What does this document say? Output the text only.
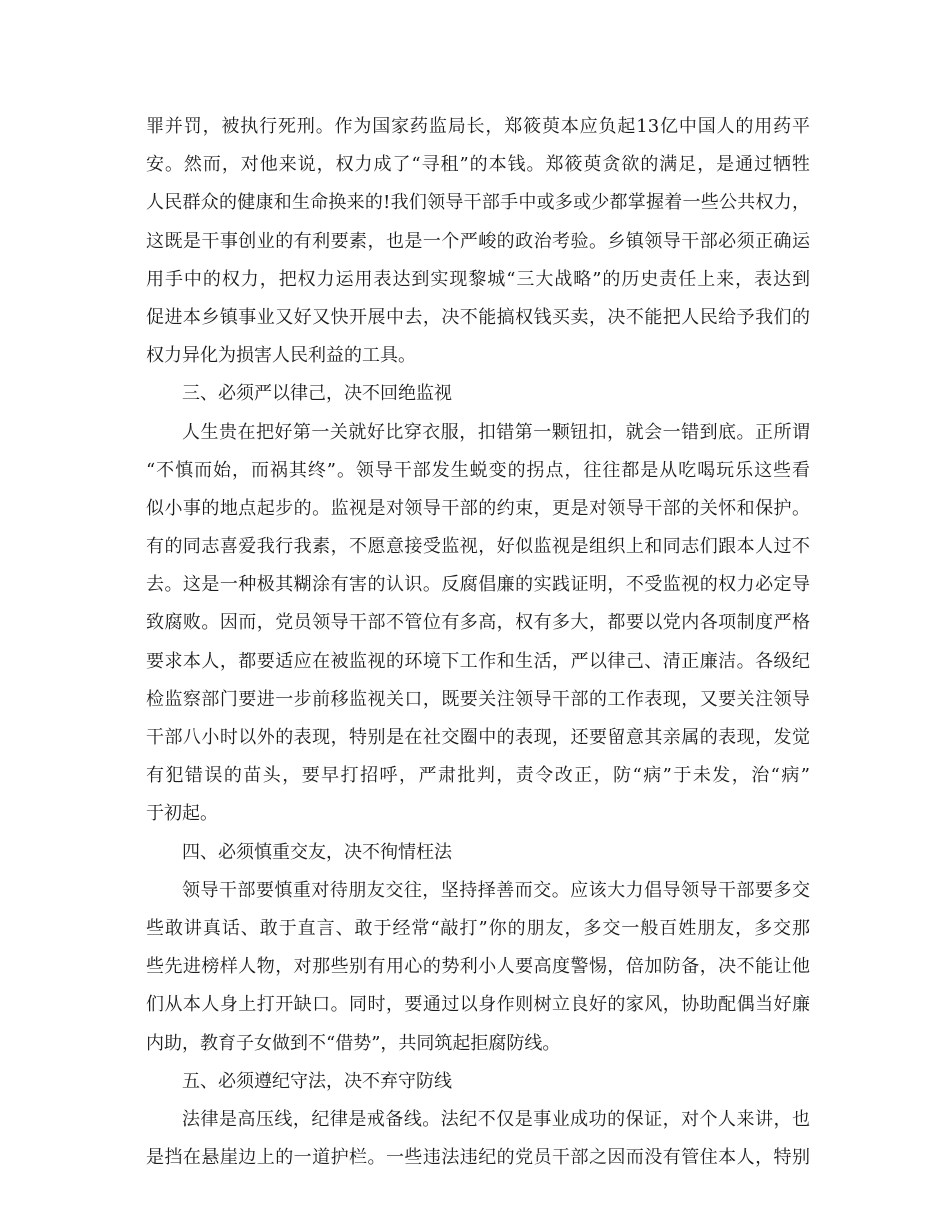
罪并罚，被执行死刑。作为国家药监局长，郑筱萸本应负起13亿中国人的用药平
安。然而，对他来说，权力成了“寻租”的本钱。郑筱萸贪欲的满足，是通过牺牲
人民群众的健康和生命换来的!我们领导干部手中或多或少都掌握着一些公共权力，
这既是干事创业的有利要素，也是一个严峻的政治考验。乡镇领导干部必须正确运
用手中的权力，把权力运用表达到实现黎城“三大战略”的历史责任上来，表达到
促进本乡镇事业又好又快开展中去，决不能搞权钱买卖，决不能把人民给予我们的
权力异化为损害人民利益的工具。
三、必须严以律己，决不回绝监视
人生贵在把好第一关就好比穿衣服，扣错第一颗钮扣，就会一错到底。正所谓
“不慎而始，而祸其终”。领导干部发生蜕变的拐点，往往都是从吃喝玩乐这些看
似小事的地点起步的。监视是对领导干部的约束，更是对领导干部的关怀和保护。
有的同志喜爱我行我素，不愿意接受监视，好似监视是组织上和同志们跟本人过不
去。这是一种极其糊涂有害的认识。反腐倡廉的实践证明，不受监视的权力必定导
致腐败。因而，党员领导干部不管位有多高，权有多大，都要以党内各项制度严格
要求本人，都要适应在被监视的环境下工作和生活，严以律己、清正廉洁。各级纪
检监察部门要进一步前移监视关口，既要关注领导干部的工作表现，又要关注领导
干部八小时以外的表现，特别是在社交圈中的表现，还要留意其亲属的表现，发觉
有犯错误的苗头，要早打招呼，严肃批判，责令改正，防“病”于未发，治“病”
于初起。
四、必须慎重交友，决不徇情枉法
领导干部要慎重对待朋友交往，坚持择善而交。应该大力倡导领导干部要多交
些敢讲真话、敢于直言、敢于经常“敲打”你的朋友，多交一般百姓朋友，多交那
些先进榜样人物，对那些别有用心的势利小人要高度警惕，倍加防备，决不能让他
们从本人身上打开缺口。同时，要通过以身作则树立良好的家风，协助配偶当好廉
内助，教育子女做到不“借势”，共同筑起拒腐防线。
五、必须遵纪守法，决不弃守防线
法律是高压线，纪律是戒备线。法纪不仅是事业成功的保证，对个人来讲，也
是挡在悬崖边上的一道护栏。一些违法违纪的党员干部之因而没有管住本人，特别
